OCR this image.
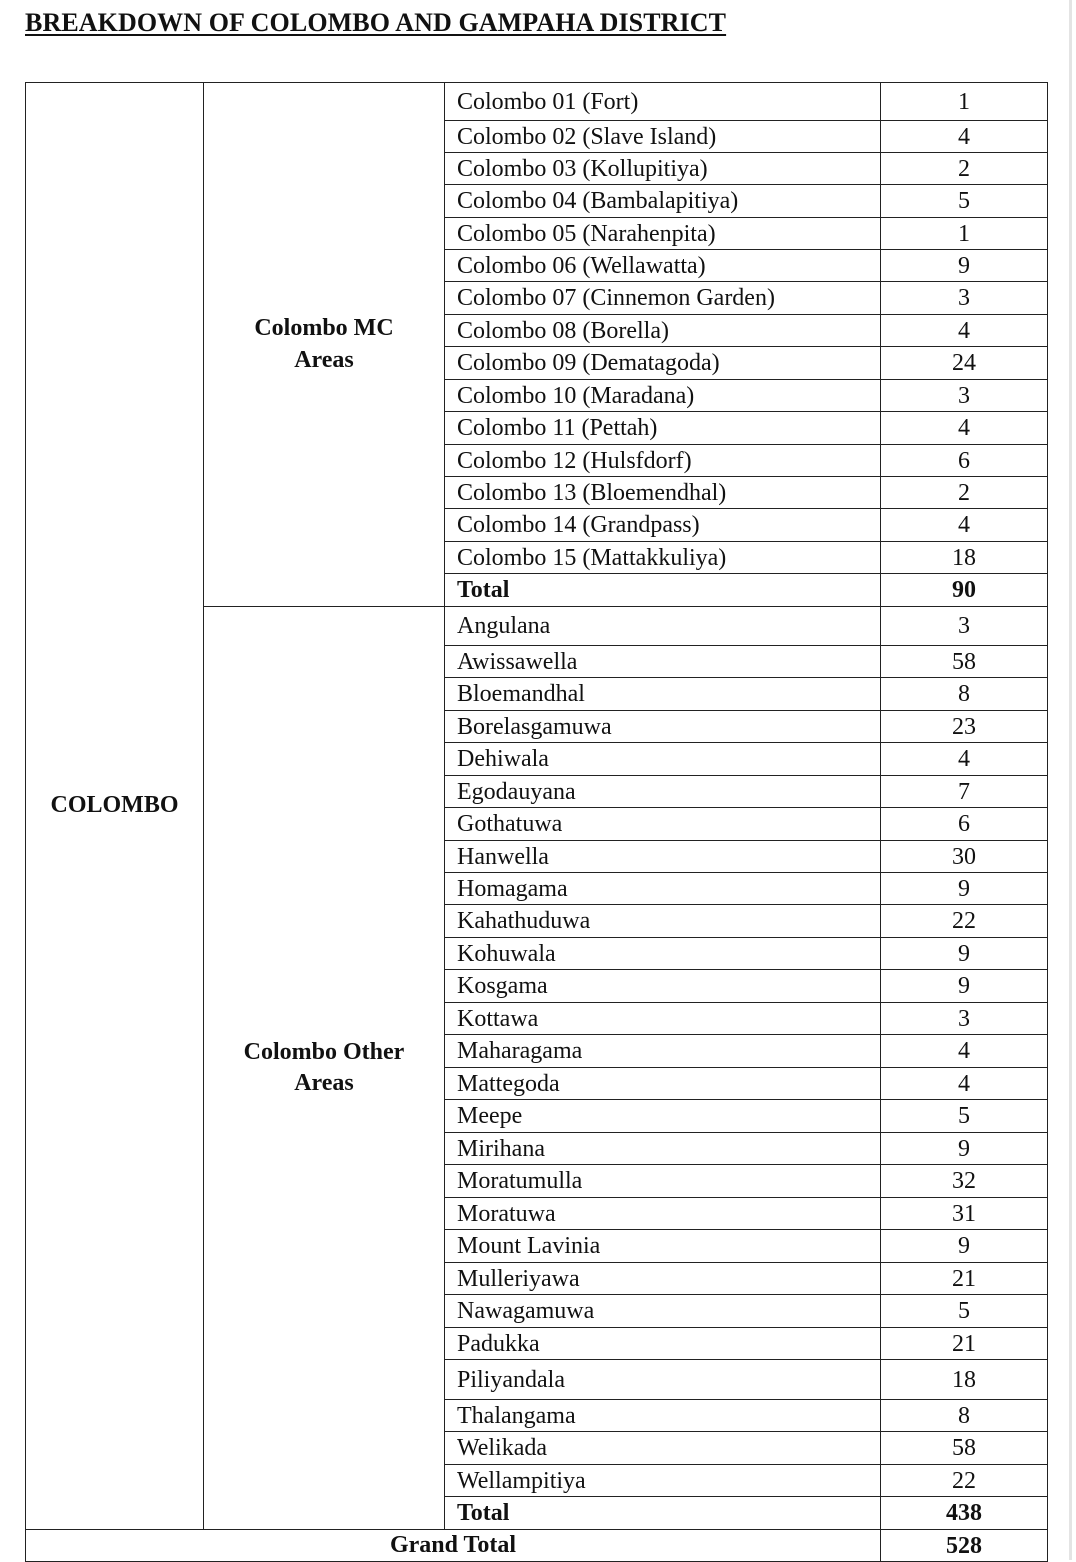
BREAKDOWN OF COLOMBO AND GAMPAHA DISTRICT
Colombo 01 (Fort)	1
Colombo 02 (Slave Island)	4
Colombo 03 (Kollupitiya)	2
Colombo 04 (Bambalapitiya)	5
Colombo 05 (Narahenpita)	1
Colombo 06 (Wellawatta)	9
Colombo 07 (Cinnemon Garden)	3
Colombo 08 (Borella)	4
Colombo 09 (Dematagoda)	24
Colombo 10 (Maradana)	3
Colombo 11 (Pettah)	4
Colombo 12 (Hulsfdorf)	6
Colombo 13 (Bloemendhal)	2
Colombo 14 (Grandpass)	4
Colombo 15 (Mattakkuliya)	18
Total	90
Colombo MC
Areas
Angulana	3
Awissawella	58
Bloemandhal	8
Borelasgamuwa	23
Dehiwala	4
Egodauyana	7
Gothatuwa	6
Hanwella	30
Homagama	9
Kahathuduwa	22
Kohuwala	9
Kosgama	9
Kottawa	3
Maharagama	4
Mattegoda	4
Meepe	5
Mirihana	9
Moratumulla	32
Moratuwa	31
Mount Lavinia	9
Mulleriyawa	21
Nawagamuwa	5
Padukka	21
Piliyandala	18
Thalangama	8
Welikada	58
Wellampitiya	22
Total	438
Colombo Other
Areas
COLOMBO
Grand Total	528
